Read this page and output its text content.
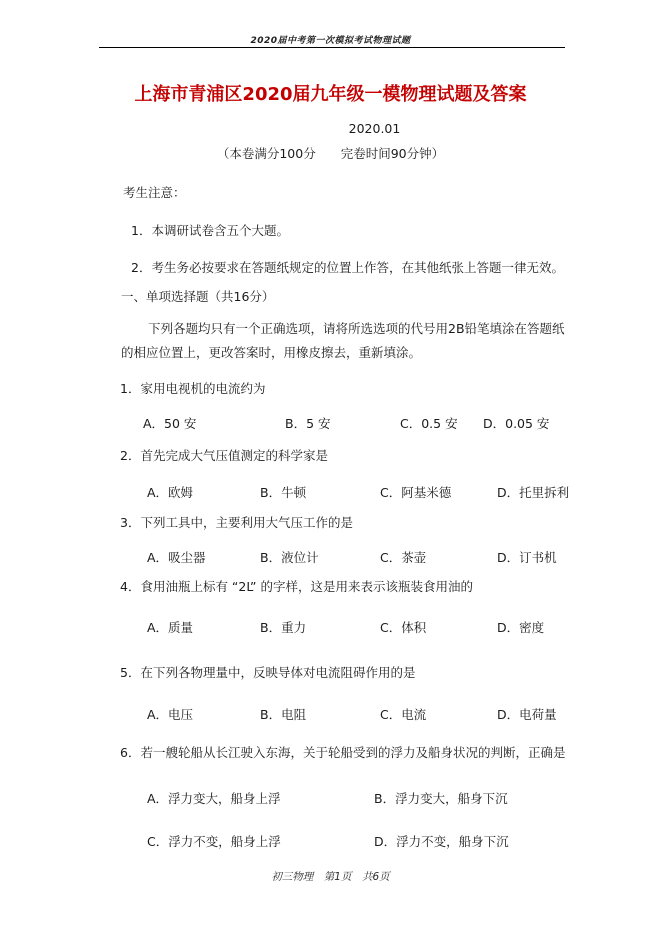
2020届中考第一次模拟考试物理试题
上海市青浦区2020届九年级一模物理试题及答案
2020.01
（本卷满分100分　　完卷时间90分钟）
考生注意：
1．本调研试卷含五个大题。
2．考生务必按要求在答题纸规定的位置上作答，在其他纸张上答题一律无效。
一、单项选择题（共16分）
下列各题均只有一个正确选项，请将所选选项的代号用2B铅笔填涂在答题纸
的相应位置上，更改答案时，用橡皮擦去，重新填涂。
1．家用电视机的电流约为
A．50 安	B．5 安	C．0.5 安	D．0.05 安
2．首先完成大气压值测定的科学家是
A．欧姆	B．牛顿	C．阿基米德	D．托里拆利
3．下列工具中，主要利用大气压工作的是
A．吸尘器	B．液位计	C．茶壶	D．订书机
4．食用油瓶上标有 “2L” 的字样，这是用来表示该瓶装食用油的
A．质量	B．重力	C．体积	D．密度
5．在下列各物理量中，反映导体对电流阻碍作用的是
A．电压	B．电阻	C．电流	D．电荷量
6．若一艘轮船从长江驶入东海，关于轮船受到的浮力及船身状况的判断，正确是
A．浮力变大，船身上浮	B．浮力变大，船身下沉
C．浮力不变，船身上浮	D．浮力不变，船身下沉
初三物理　第1页　共6页
